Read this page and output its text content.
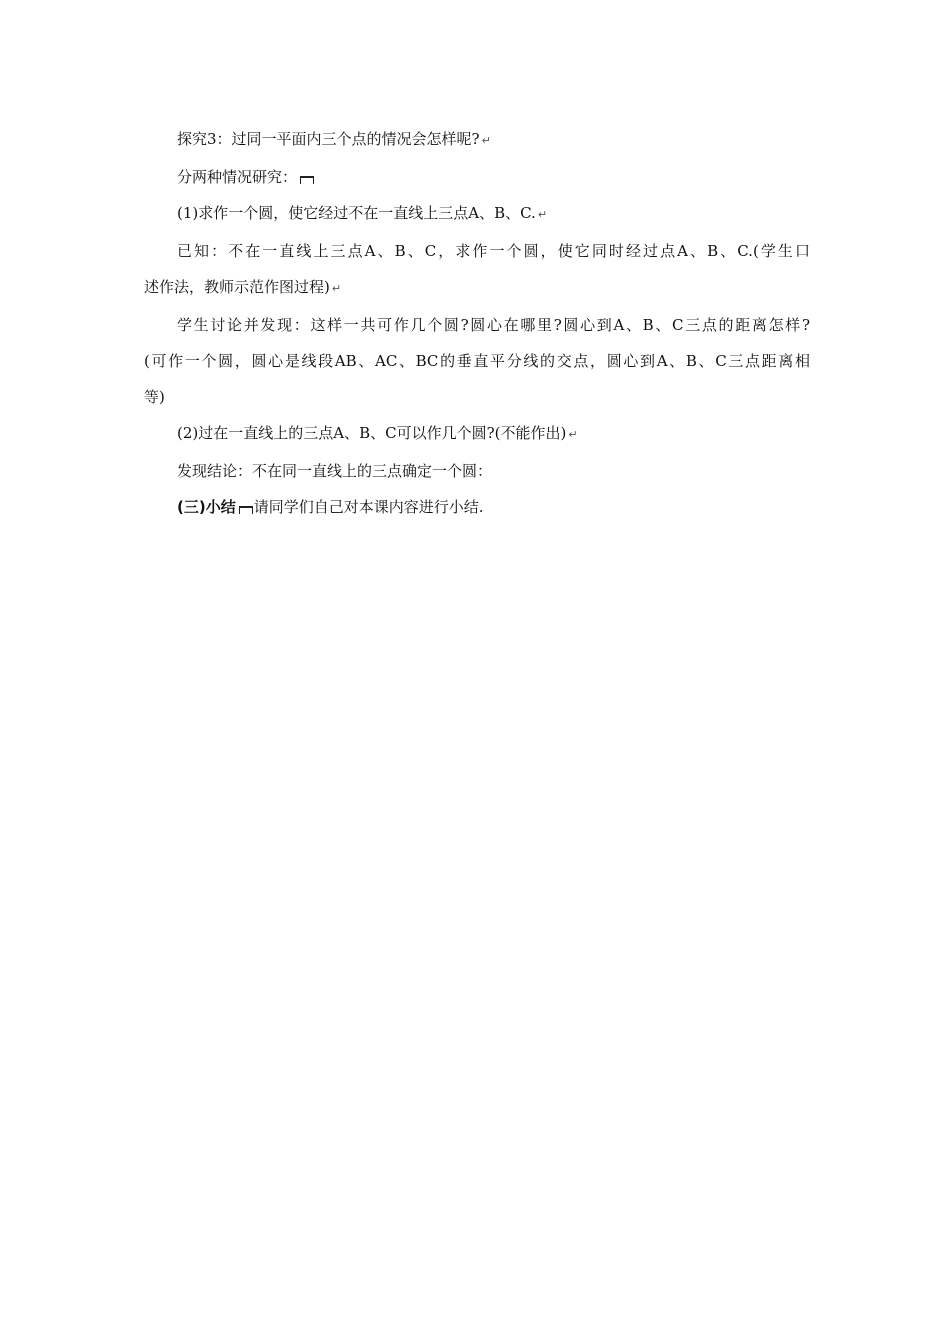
探究3：过同一平面内三个点的情况会怎样呢? ↵
分两种情况研究：
(1)求作一个圆，使它经过不在一直线上三点A、B、C. ↵
已知：不在一直线上三点A、B、C，求作一个圆，使它同时经过点A、B、C.(学生口
述作法，教师示范作图过程) ↵
学生讨论并发现：这样一共可作几个圆?圆心在哪里?圆心到A、B、C三点的距离怎样?
(可作一个圆，圆心是线段AB、AC、BC的垂直平分线的交点，圆心到A、B、C三点距离相
等)
(2)过在一直线上的三点A、B、C可以作几个圆?(不能作出) ↵
发现结论：不在同一直线上的三点确定一个圆：
(三)小结 请同学们自己对本课内容进行小结.
